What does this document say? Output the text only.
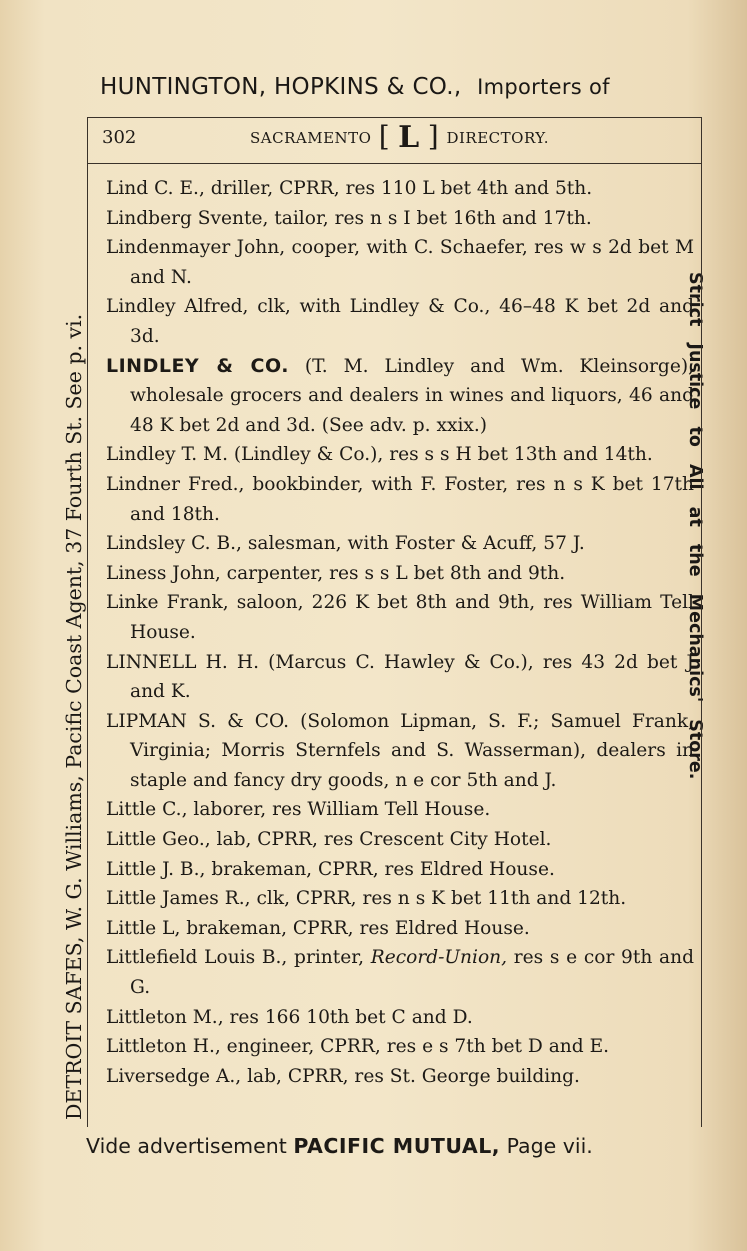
HUNTINGTON, HOPKINS & CO., Importers of
DETROIT SAFES, W. G. Williams, Pacific Coast Agent, 37 Fourth St. See p. vi.	Strict Justice to All at the Mechanics' Store.
302	SACRAMENTO [ L ] DIRECTORY.
Lind C. E., driller, CPRR, res 110 L bet 4th and 5th.
Lindberg Svente, tailor, res n s I bet 16th and 17th.
Lindenmayer John, cooper, with C. Schaefer, res w s 2d bet M and N.
Lindley Alfred, clk, with Lindley & Co., 46–48 K bet 2d and 3d.
LINDLEY & CO. (T. M. Lindley and Wm. Kleinsorge), wholesale grocers and dealers in wines and liquors, 46 and 48 K bet 2d and 3d. (See adv. p. xxix.)
Lindley T. M. (Lindley & Co.), res s s H bet 13th and 14th.
Lindner Fred., bookbinder, with F. Foster, res n s K bet 17th and 18th.
Lindsley C. B., salesman, with Foster & Acuff, 57 J.
Liness John, carpenter, res s s L bet 8th and 9th.
Linke Frank, saloon, 226 K bet 8th and 9th, res William Tell House.
LINNELL H. H. (Marcus C. Hawley & Co.), res 43 2d bet J and K.
LIPMAN S. & CO. (Solomon Lipman, S. F.; Samuel Frank, Virginia; Morris Sternfels and S. Wasserman), dealers in staple and fancy dry goods, n e cor 5th and J.
Little C., laborer, res William Tell House.
Little Geo., lab, CPRR, res Crescent City Hotel.
Little J. B., brakeman, CPRR, res Eldred House.
Little James R., clk, CPRR, res n s K bet 11th and 12th.
Little L, brakeman, CPRR, res Eldred House.
Littlefield Louis B., printer, Record-Union, res s e cor 9th and G.
Littleton M., res 166 10th bet C and D.
Littleton H., engineer, CPRR, res e s 7th bet D and E.
Liversedge A., lab, CPRR, res St. George building.
Vide advertisement PACIFIC MUTUAL, Page vii.
